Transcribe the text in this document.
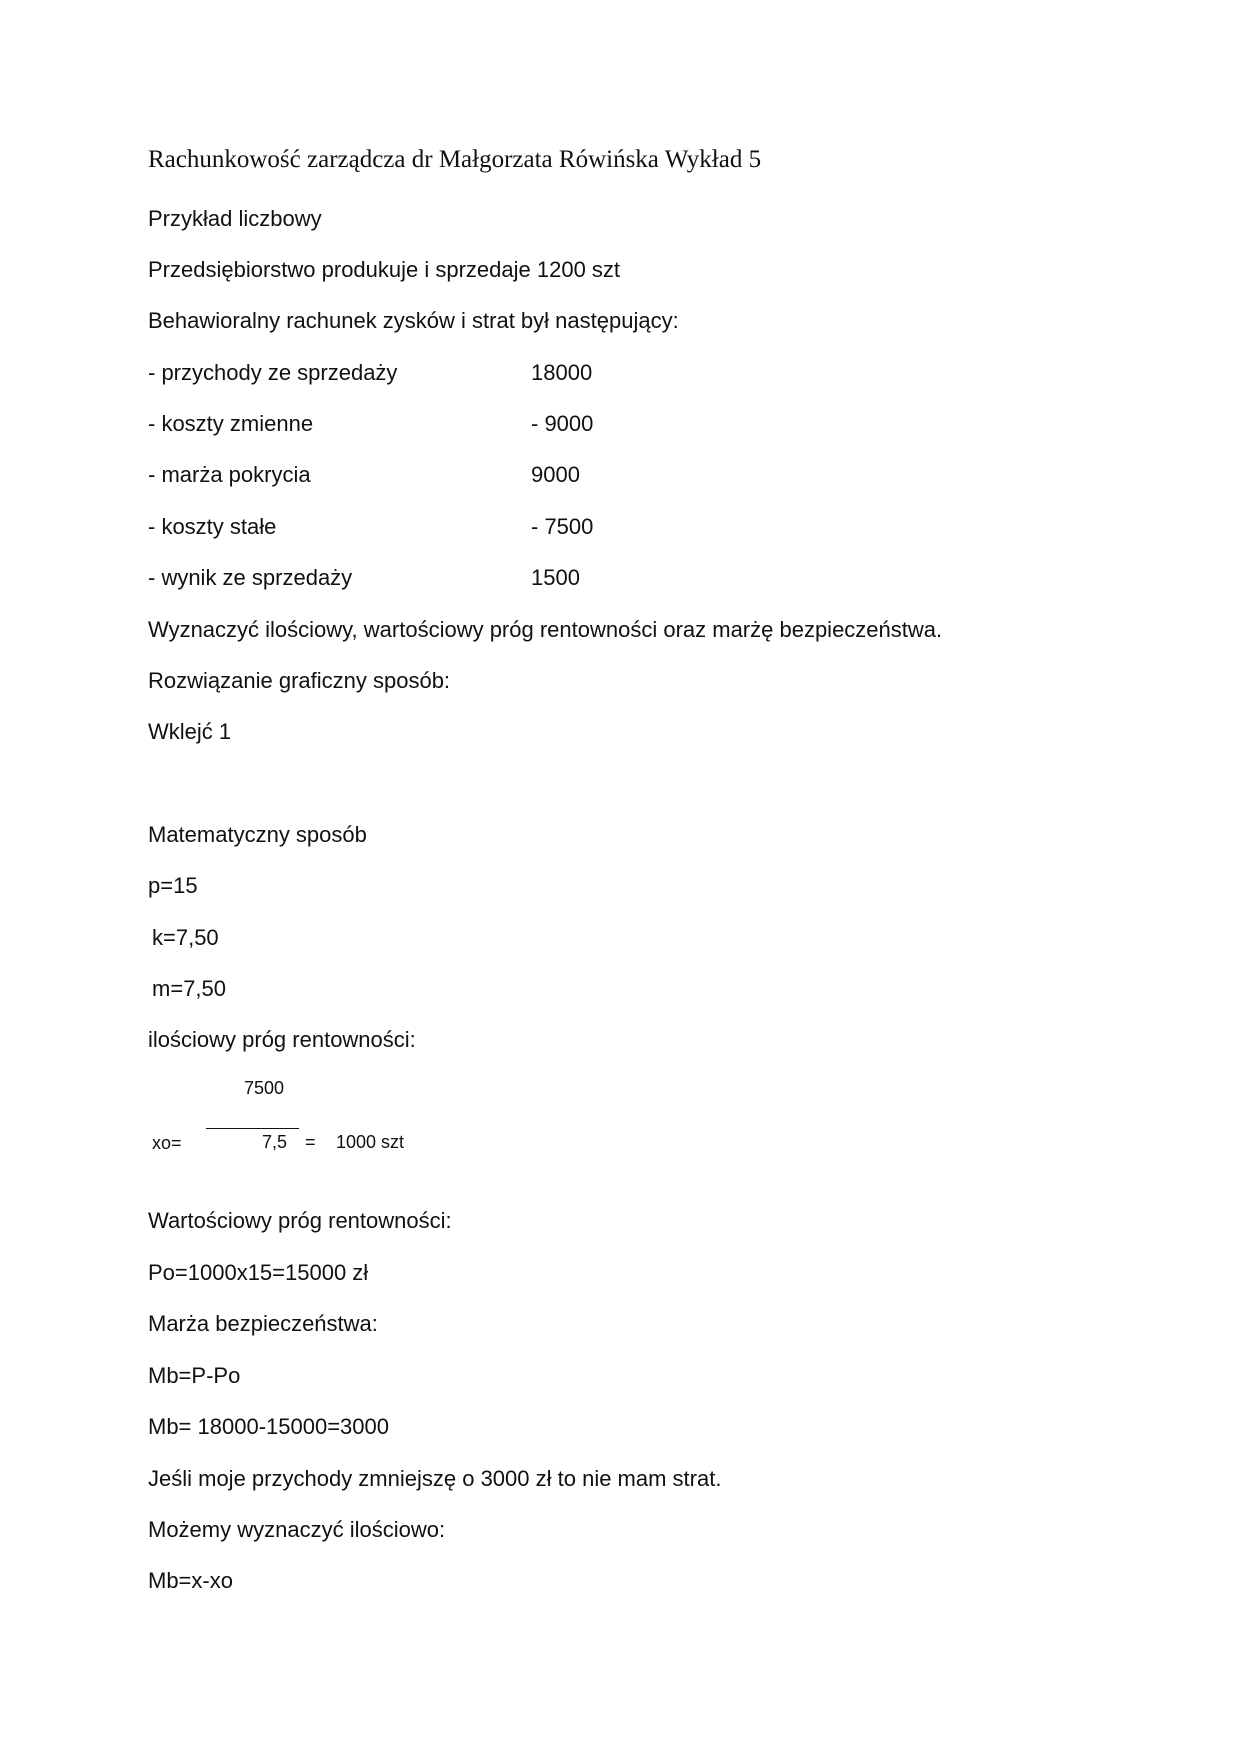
Rachunkowość zarządcza dr Małgorzata Rówińska Wykład 5
Przykład liczbowy
Przedsiębiorstwo produkuje i sprzedaje 1200 szt
Behawioralny rachunek zysków i strat był następujący:
- przychody ze sprzedaży	18000
- koszty zmienne	- 9000
- marża pokrycia	9000
- koszty stałe	- 7500
- wynik ze sprzedaży	1500
Wyznaczyć ilościowy, wartościowy próg rentowności oraz marżę bezpieczeństwa.
Rozwiązanie graficzny sposób:
Wklejć 1
Matematyczny sposób
p=15
k=7,50
m=7,50
ilościowy próg rentowności:
7500
xo=	7,5 = 1000 szt
Wartościowy próg rentowności:
Po=1000x15=15000 zł
Marża bezpieczeństwa:
Mb=P-Po
Mb= 18000-15000=3000
Jeśli moje przychody zmniejszę o 3000 zł to nie mam strat.
Możemy wyznaczyć ilościowo:
Mb=x-xo
